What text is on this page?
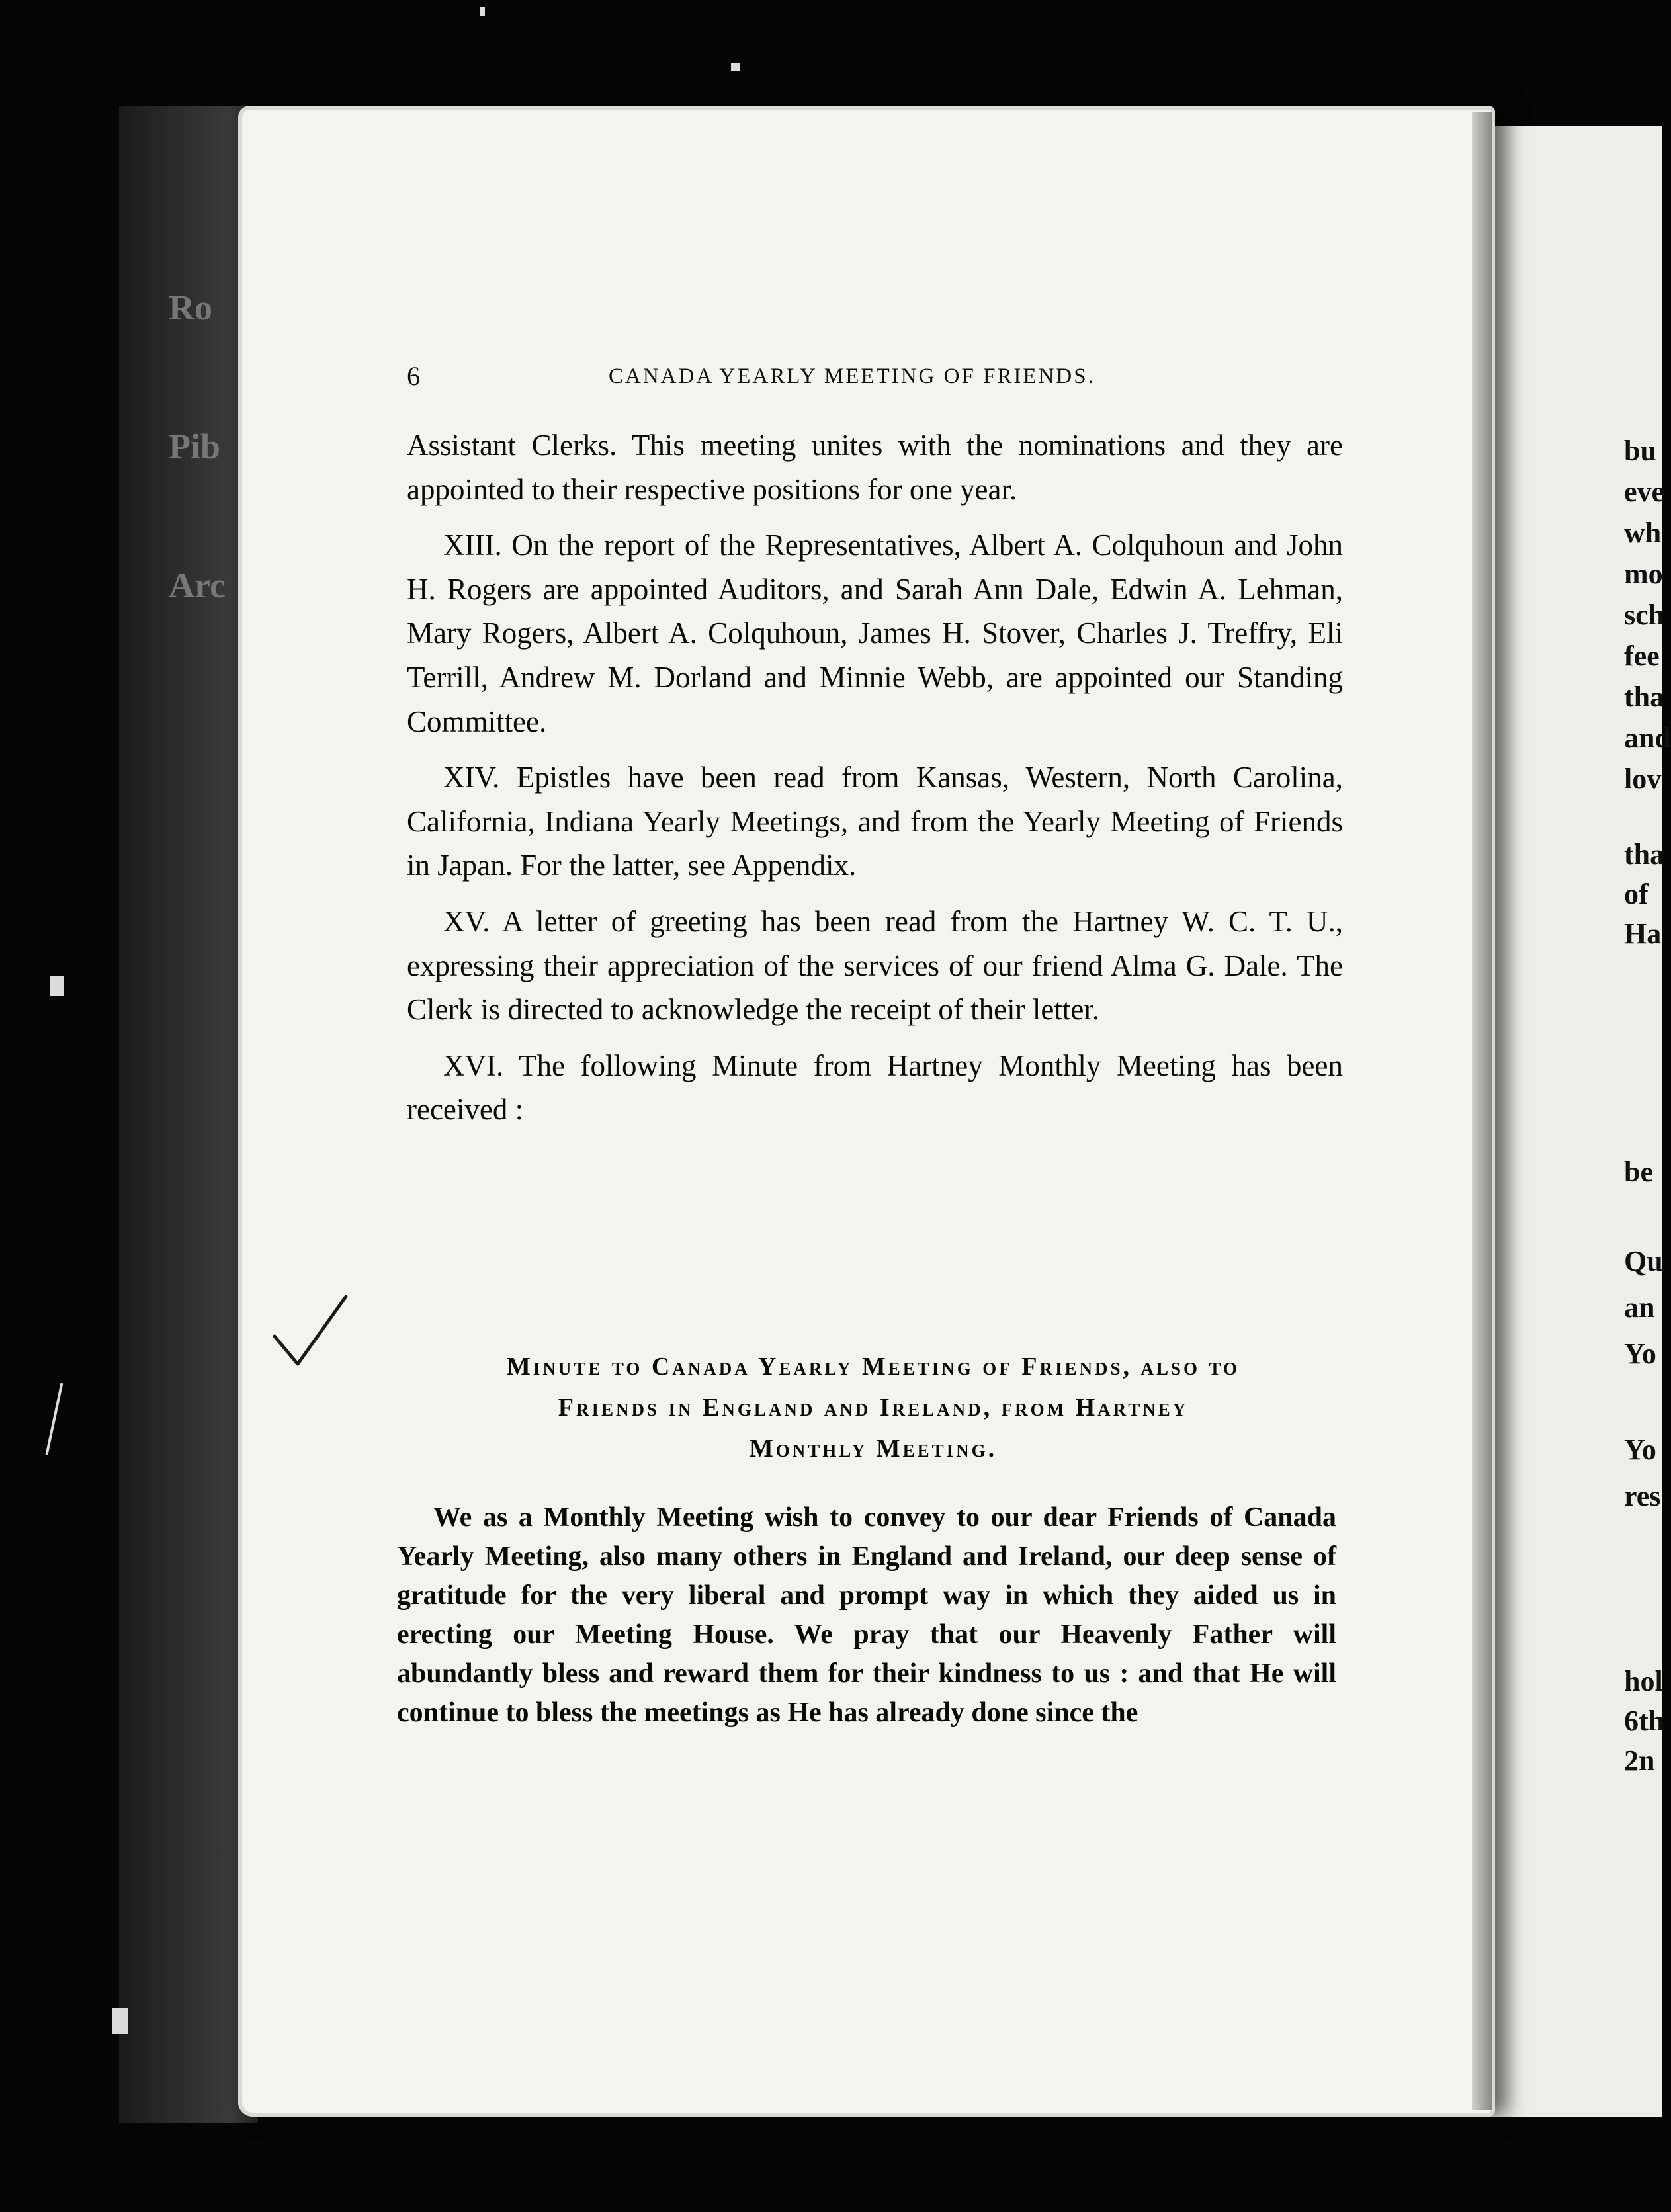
Ro

Pib

Arc

bu
eve
wh
mo
sch
fee
tha
and
lov
tha
of
Ha
be
Qu
an
Yo
Yo
res
hol
6th
2n
6	CANADA YEARLY MEETING OF FRIENDS.

Assistant Clerks. This meeting unites with the nominations and they are appointed to their respective positions for one year.

XIII. On the report of the Representatives, Albert A. Colquhoun and John H. Rogers are appointed Auditors, and Sarah Ann Dale, Edwin A. Lehman, Mary Rogers, Albert A. Colquhoun, James H. Stover, Charles J. Treffry, Eli Terrill, Andrew M. Dorland and Minnie Webb, are appointed our Standing Committee.

XIV. Epistles have been read from Kansas, Western, North Carolina, California, Indiana Yearly Meetings, and from the Yearly Meeting of Friends in Japan. For the latter, see Appendix.

XV. A letter of greeting has been read from the Hartney W. C. T. U., expressing their appreciation of the services of our friend Alma G. Dale. The Clerk is directed to acknowledge the receipt of their letter.

XVI. The following Minute from Hartney Monthly Meeting has been received :

Minute to Canada Yearly Meeting of Friends, also to
Friends in England and Ireland, from Hartney
Monthly Meeting.

We as a Monthly Meeting wish to convey to our dear Friends of Canada Yearly Meeting, also many others in England and Ireland, our deep sense of gratitude for the very liberal and prompt way in which they aided us in erecting our Meeting House. We pray that our Heavenly Father will abundantly bless and reward them for their kindness to us : and that He will continue to bless the meetings as He has already done since the
